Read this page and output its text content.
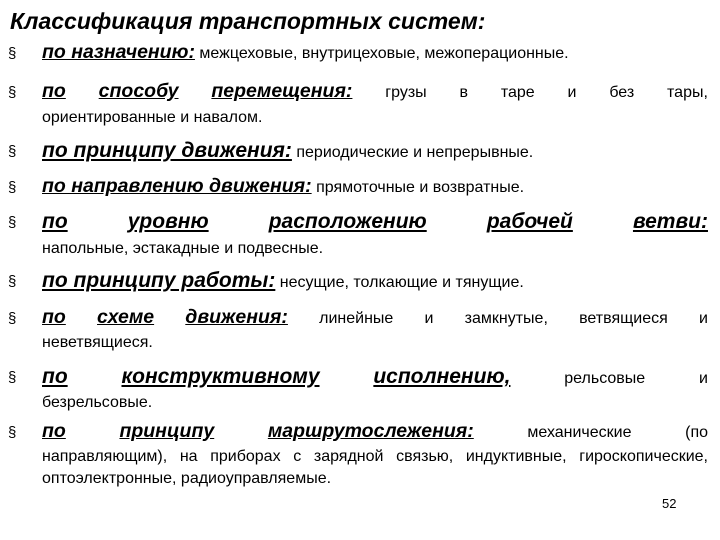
Классификация транспортных систем:
§ по назначению: межцеховые, внутрицеховые, межоперационные.
§ по способу перемещения: грузы в таре и без тары,
ориентированные и навалом.
§ по принципу движения: периодические и непрерывные.
§ по направлению движения: прямоточные и возвратные.
§ по	уровню	расположению	рабочей	ветви:
напольные, эстакадные и подвесные.
§ по принципу работы: несущие, толкающие и тянущие.
§ по схеме движения: линейные и замкнутые, ветвящиеся и
неветвящиеся.
§ по	конструктивному	исполнению,	рельсовые	и
безрельсовые.
§ по	принципу	маршрутослежения:	механические	(по
направляющим), на приборах с зарядной связью, индуктивные, гироскопические, оптоэлектронные, радиоуправляемые.
52
